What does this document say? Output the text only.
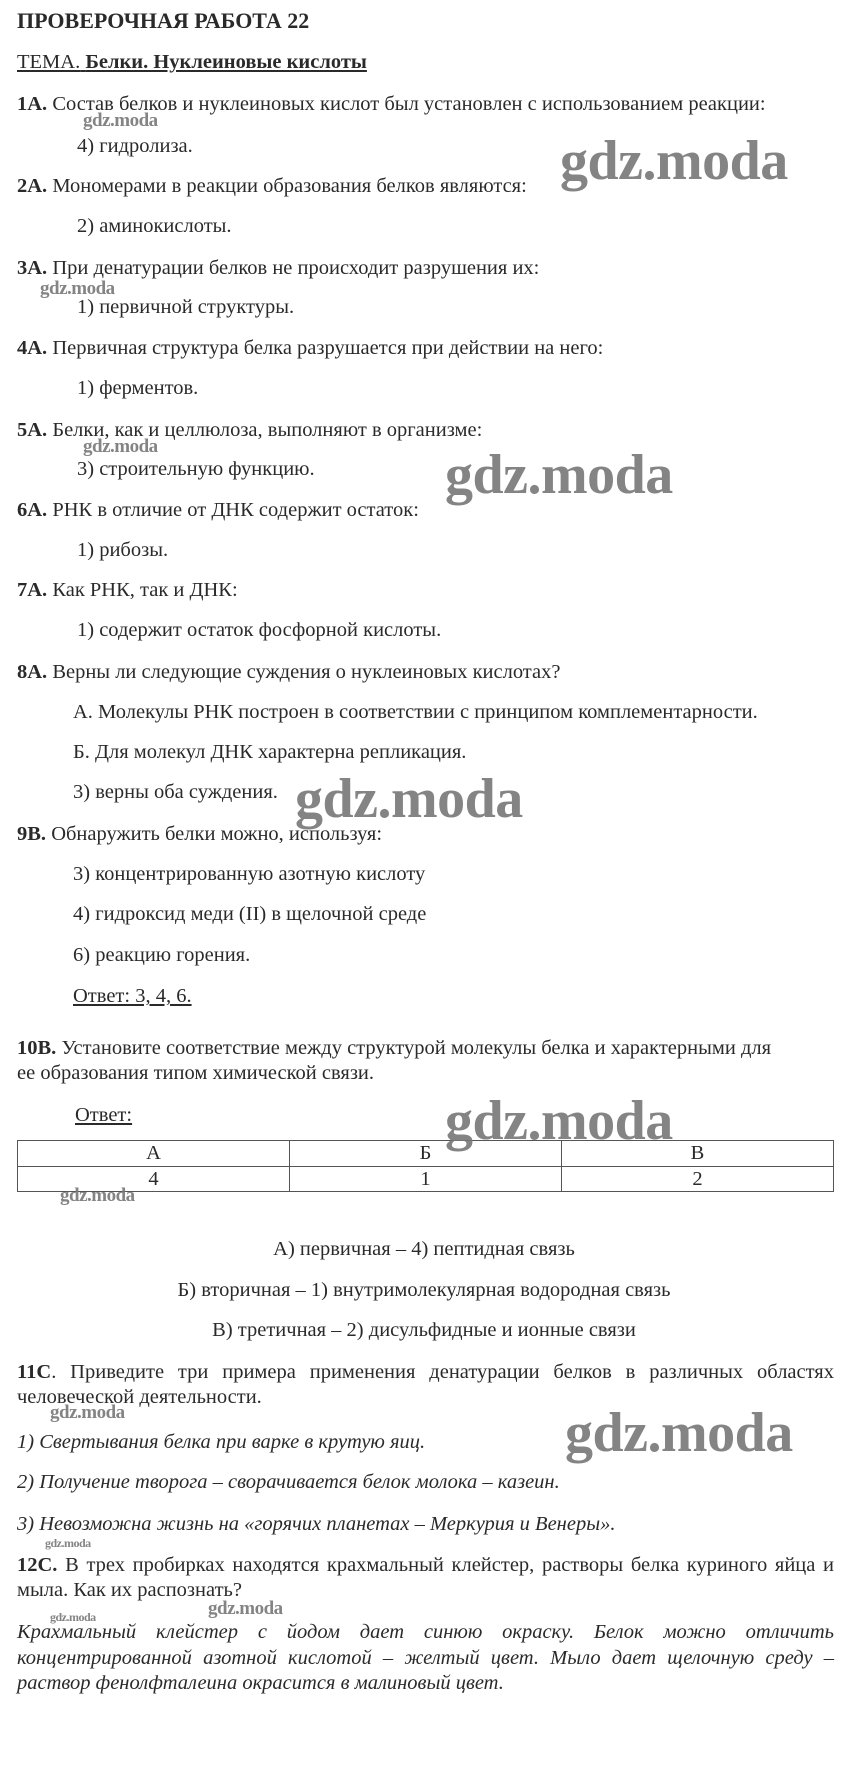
ПРОВЕРОЧНАЯ РАБОТА 22
ТЕМА. Белки. Нуклеиновые кислоты
1А. Состав белков и нуклеиновых кислот был установлен с использованием реакции:
4) гидролиза.
2А. Мономерами в реакции образования белков являются:
2) аминокислоты.
3А. При денатурации белков не происходит разрушения их:
1) первичной структуры.
4А. Первичная структура белка разрушается при действии на него:
1) ферментов.
5А. Белки, как и целлюлоза, выполняют в организме:
3) строительную функцию.
6А. РНК в отличие от ДНК содержит остаток:
1) рибозы.
7А. Как РНК, так и ДНК:
1) содержит остаток фосфорной кислоты.
8А. Верны ли следующие суждения о нуклеиновых кислотах?
А. Молекулы РНК построен в соответствии с принципом комплементарности.
Б. Для молекул ДНК характерна репликация.
3) верны оба суждения.
9В. Обнаружить белки можно, используя:
3) концентрированную азотную кислоту
4) гидроксид меди (II) в щелочной среде
6) реакцию горения.
Ответ: 3, 4, 6.
10В. Установите соответствие между структурой молекулы белка и характерными для
ее образования типом химической связи.
Ответ:
А	Б	В
4	1	2
А) первичная – 4) пептидная связь
Б) вторичная – 1) внутримолекулярная водородная связь
В) третичная – 2) дисульфидные и ионные связи
11С. Приведите три примера применения денатурации белков в различных областях человеческой деятельности.
1) Свертывания белка при варке в крутую яиц.
2) Получение творога – сворачивается белок молока – казеин.
3) Невозможна жизнь на «горячих планетах – Меркурия и Венеры».
12С. В трех пробирках находятся крахмальный клейстер, растворы белка куриного яйца и мыла. Как их распознать?
Крахмальный клейстер с йодом дает синюю окраску. Белок можно отличить концентрированной азотной кислотой – желтый цвет. Мыло дает щелочную среду – раствор фенолфталеина окрасится в малиновый цвет.
gdz.moda
gdz.moda
gdz.moda
gdz.moda
gdz.moda
gdz.moda
gdz.moda
gdz.moda
gdz.moda
gdz.moda
gdz.moda
gdz.moda
gdz.moda
